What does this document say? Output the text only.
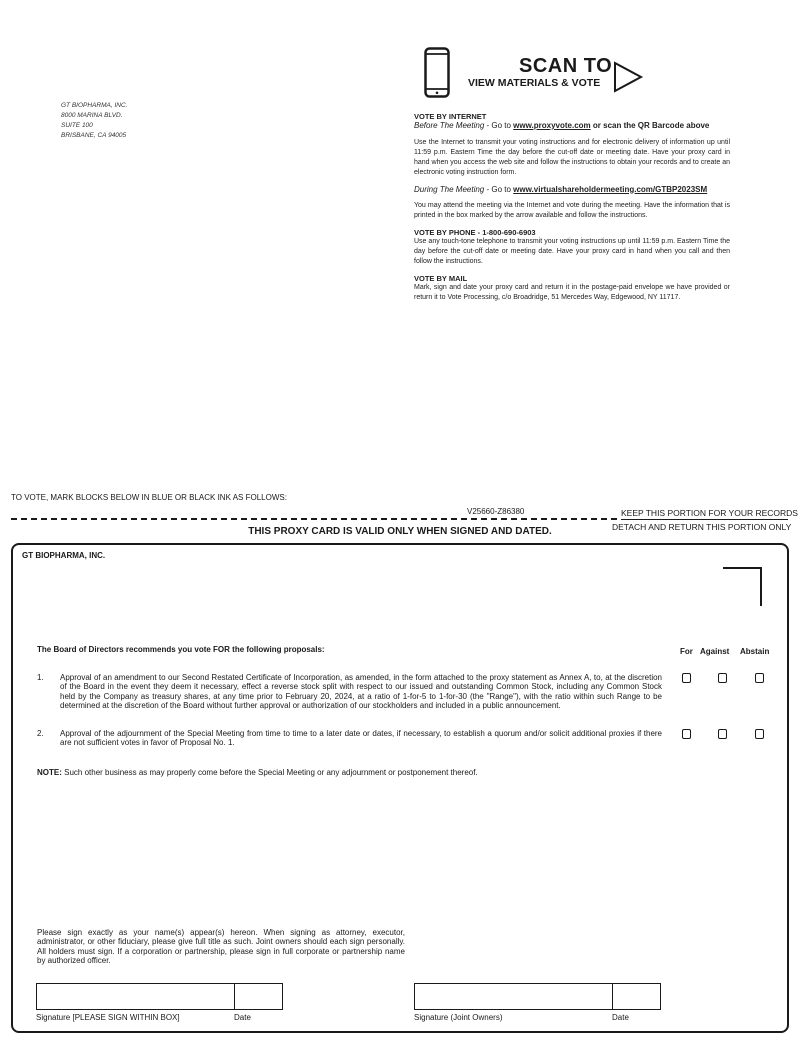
GT BIOPHARMA, INC.
8000 MARINA BLVD.
SUITE 100
BRISBANE, CA 94005
SCAN TO
VIEW MATERIALS & VOTE
VOTE BY INTERNET

Before The Meeting - Go to www.proxyvote.com or scan the QR Barcode above

Use the Internet to transmit your voting instructions and for electronic delivery of information up until 11:59 p.m. Eastern Time the day before the cut-off date or meeting date. Have your proxy card in hand when you access the web site and follow the instructions to obtain your records and to create an electronic voting instruction form.

During The Meeting - Go to www.virtualshareholdermeeting.com/GTBP2023SM

You may attend the meeting via the Internet and vote during the meeting. Have the information that is printed in the box marked by the arrow available and follow the instructions.

VOTE BY PHONE - 1-800-690-6903

Use any touch-tone telephone to transmit your voting instructions up until 11:59 p.m. Eastern Time the day before the cut-off date or meeting date. Have your proxy card in hand when you call and then follow the instructions.

VOTE BY MAIL

Mark, sign and date your proxy card and return it in the postage-paid envelope we have provided or return it to Vote Processing, c/o Broadridge, 51 Mercedes Way, Edgewood, NY 11717.

TO VOTE, MARK BLOCKS BELOW IN BLUE OR BLACK INK AS FOLLOWS:
V25660-Z86380	KEEP THIS PORTION FOR YOUR RECORDS
DETACH AND RETURN THIS PORTION ONLY
THIS PROXY CARD IS VALID ONLY WHEN SIGNED AND DATED.
GT BIOPHARMA, INC.
The Board of Directors recommends you vote FOR the following proposals:	For Against Abstain
1. Approval of an amendment to our Second Restated Certificate of Incorporation, as amended, in the form attached to the proxy statement as Annex A, to, at the discretion of the Board in the event they deem it necessary, effect a reverse stock split with respect to our issued and outstanding Common Stock, including any Common Stock held by the Company as treasury shares, at any time prior to February 20, 2024, at a ratio of 1-for-5 to 1-for-30 (the "Range"), with the ratio within such Range to be determined at the discretion of the Board without further approval or authorization of our stockholders and included in a public announcement.
2. Approval of the adjournment of the Special Meeting from time to time to a later date or dates, if necessary, to establish a quorum and/or solicit additional proxies if there are not sufficient votes in favor of Proposal No. 1.
NOTE: Such other business as may properly come before the Special Meeting or any adjournment or postponement thereof.
Please sign exactly as your name(s) appear(s) hereon. When signing as attorney, executor, administrator, or other fiduciary, please give full title as such. Joint owners should each sign personally. All holders must sign. If a corporation or partnership, please sign in full corporate or partnership name by authorized officer.
Signature [PLEASE SIGN WITHIN BOX]	Date	Signature (Joint Owners)	Date
